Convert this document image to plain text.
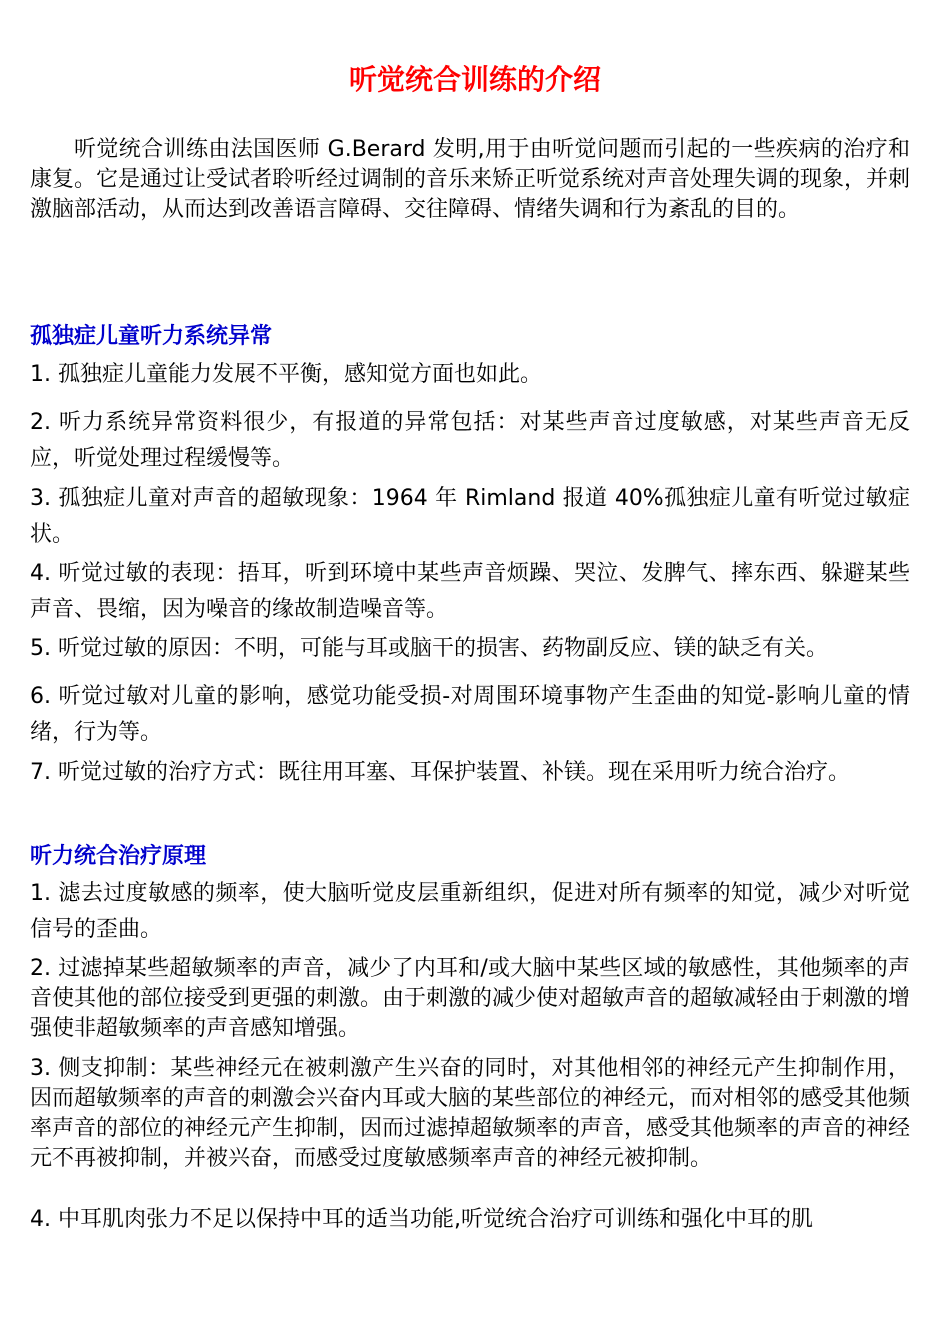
听觉统合训练的介绍
听觉统合训练由法国医师 G.Berard 发明,用于由听觉问题而引起的一些疾病的治疗和康复。它是通过让受试者聆听经过调制的音乐来矫正听觉系统对声音处理失调的现象，并刺激脑部活动，从而达到改善语言障碍、交往障碍、情绪失调和行为紊乱的目的。
孤独症儿童听力系统异常
1. 孤独症儿童能力发展不平衡，感知觉方面也如此。
2. 听力系统异常资料很少，有报道的异常包括：对某些声音过度敏感，对某些声音无反应，听觉处理过程缓慢等。
3. 孤独症儿童对声音的超敏现象：1964 年 Rimland 报道 40%孤独症儿童有听觉过敏症状。
4. 听觉过敏的表现：捂耳，听到环境中某些声音烦躁、哭泣、发脾气、摔东西、躲避某些声音、畏缩，因为噪音的缘故制造噪音等。
5. 听觉过敏的原因：不明，可能与耳或脑干的损害、药物副反应、镁的缺乏有关。
6. 听觉过敏对儿童的影响，感觉功能受损-对周围环境事物产生歪曲的知觉-影响儿童的情绪，行为等。
7. 听觉过敏的治疗方式：既往用耳塞、耳保护装置、补镁。现在采用听力统合治疗。
听力统合治疗原理
1. 滤去过度敏感的频率，使大脑听觉皮层重新组织，促进对所有频率的知觉，减少对听觉信号的歪曲。
2. 过滤掉某些超敏频率的声音，减少了内耳和/或大脑中某些区域的敏感性，其他频率的声音使其他的部位接受到更强的刺激。由于刺激的减少使对超敏声音的超敏减轻由于刺激的增强使非超敏频率的声音感知增强。
3. 侧支抑制：某些神经元在被刺激产生兴奋的同时，对其他相邻的神经元产生抑制作用，因而超敏频率的声音的刺激会兴奋内耳或大脑的某些部位的神经元，而对相邻的感受其他频率声音的部位的神经元产生抑制，因而过滤掉超敏频率的声音，感受其他频率的声音的神经元不再被抑制，并被兴奋，而感受过度敏感频率声音的神经元被抑制。
4. 中耳肌肉张力不足以保持中耳的适当功能,听觉统合治疗可训练和强化中耳的肌
